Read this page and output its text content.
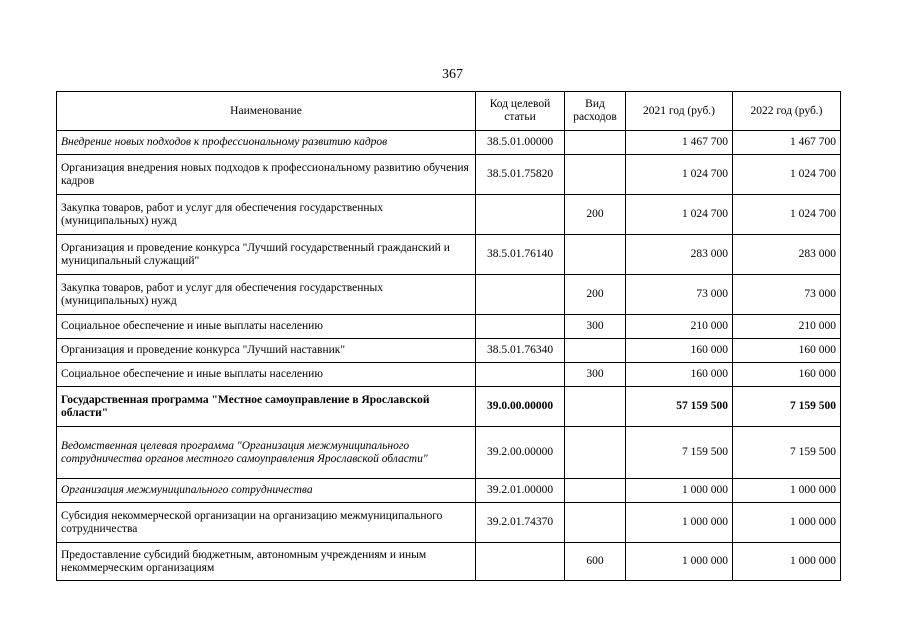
367
Наименование	Код целевой статьи	Вид расходов	2021 год (руб.)	2022 год (руб.)
Внедрение новых подходов к профессиональному развитию кадров	38.5.01.00000		1 467 700	1 467 700
Организация внедрения новых подходов к профессиональному развитию обучения кадров	38.5.01.75820		1 024 700	1 024 700
Закупка товаров, работ и услуг для обеспечения государственных (муниципальных) нужд		200	1 024 700	1 024 700
Организация и проведение конкурса "Лучший государственный гражданский и муниципальный служащий"	38.5.01.76140		283 000	283 000
Закупка товаров, работ и услуг для обеспечения государственных (муниципальных) нужд		200	73 000	73 000
Социальное обеспечение и иные выплаты населению		300	210 000	210 000
Организация и проведение конкурса "Лучший наставник"	38.5.01.76340		160 000	160 000
Социальное обеспечение и иные выплаты населению		300	160 000	160 000
Государственная программа "Местное самоуправление в Ярославской области"	39.0.00.00000		57 159 500	7 159 500
Ведомственная целевая программа "Организация межмуниципального сотрудничества органов местного самоуправления Ярославской области"	39.2.00.00000		7 159 500	7 159 500
Организация межмуниципального сотрудничества	39.2.01.00000		1 000 000	1 000 000
Субсидия некоммерческой организации на организацию межмуниципального сотрудничества	39.2.01.74370		1 000 000	1 000 000
Предоставление субсидий бюджетным, автономным учреждениям и иным некоммерческим организациям		600	1 000 000	1 000 000
